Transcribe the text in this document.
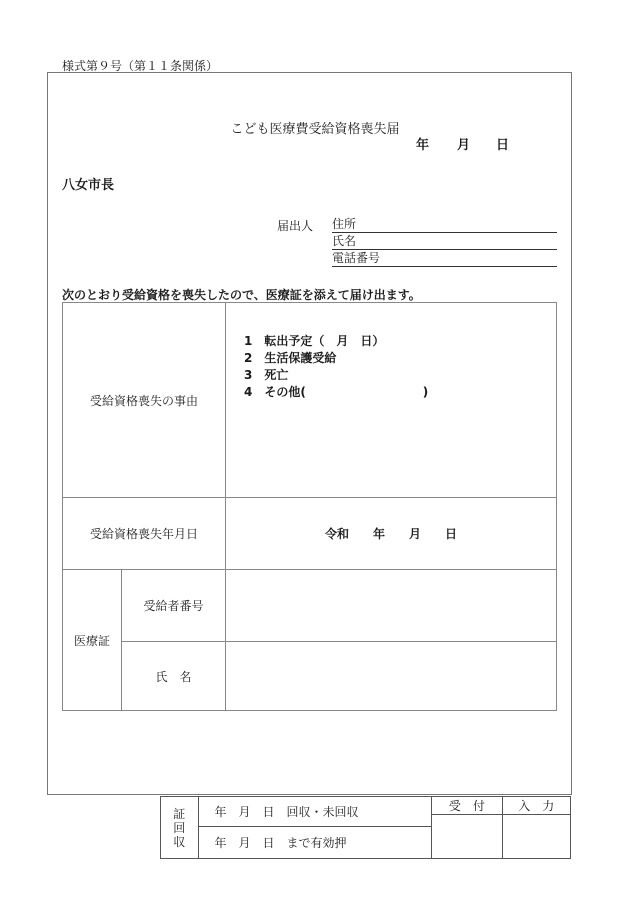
様式第９号（第１１条関係）
こども医療費受給資格喪失届
年 月 日
八女市長
届出人 住所
氏名
電話番号
次のとおり受給資格を喪失したので、医療証を添えて届け出ます。
受給資格喪失の事由		1　転出予定（　月　日）
2　生活保護受給
3　死亡
4　その他(                            )

受給資格喪失年月日		令和　　年　　月　　日
医療証	受給者番号	
	氏　名	
証回収	年　月　日　回収・未回収	受　付	入　力

	年　月　日　まで有効押		
